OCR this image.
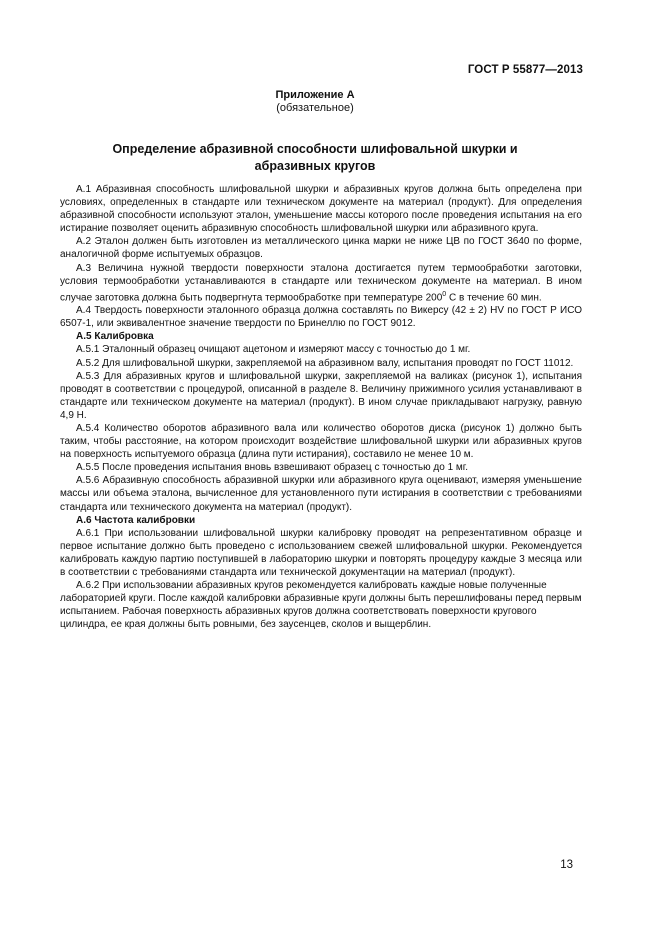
ГОСТ Р 55877—2013
Приложение А
(обязательное)
Определение абразивной способности шлифовальной шкурки и абразивных кругов

А.1 Абразивная способность шлифовальной шкурки и абразивных кругов должна быть определена при условиях, определенных в стандарте или техническом документе на материал (продукт). Для определения абразивной способности используют эталон, уменьшение массы которого после проведения испытания на его истирание позволяет оценить абразивную способность шлифовальной шкурки или абразивного круга.

А.2 Эталон должен быть изготовлен из металлического цинка марки не ниже ЦВ по ГОСТ 3640 по форме, аналогичной форме испытуемых образцов.

А.3 Величина нужной твердости поверхности эталона достигается путем термообработки заготовки, условия термообработки устанавливаются в стандарте или техническом документе на материал. В ином случае заготовка должна быть подвергнута термообработке при температуре $200^0$ С в течение 60 мин.

А.4 Твердость поверхности эталонного образца должна составлять по Викерсу (42 ± 2) HV по ГОСТ Р ИСО 6507-1, или эквивалентное значение твердости по Бринеллю по ГОСТ 9012.

А.5 Калибровка

А.5.1 Эталонный образец очищают ацетоном и измеряют массу с точностью до 1 мг.

А.5.2 Для шлифовальной шкурки, закрепляемой на абразивном валу, испытания проводят по ГОСТ 11012.

А.5.3 Для абразивных кругов и шлифовальной шкурки, закрепляемой на валиках (рисунок 1), испытания проводят в соответствии с процедурой, описанной в разделе 8. Величину прижимного усилия устанавливают в стандарте или техническом документе на материал (продукт). В ином случае прикладывают нагрузку, равную 4,9 Н.

А.5.4 Количество оборотов абразивного вала или количество оборотов диска (рисунок 1) должно быть таким, чтобы расстояние, на котором происходит воздействие шлифовальной шкурки или абразивных кругов на поверхность испытуемого образца (длина пути истирания), составило не менее 10 м.

А.5.5 После проведения испытания вновь взвешивают образец с точностью до 1 мг.

А.5.6 Абразивную способность абразивной шкурки или абразивного круга оценивают, измеряя уменьшение массы или объема эталона, вычисленное для установленного пути истирания в соответствии с требованиями стандарта или технического документа на материал (продукт).

А.6 Частота калибровки

А.6.1 При использовании шлифовальной шкурки калибровку проводят на репрезентативном образце и первое испытание должно быть проведено с использованием свежей шлифовальной шкурки. Рекомендуется калибровать каждую партию поступившей в лабораторию шкурки и повторять процедуру каждые 3 месяца или в соответствии с требованиями стандарта или технической документации на материал (продукт).

А.6.2 При использовании абразивных кругов рекомендуется калибровать каждые новые полученные лабораторией круги. После каждой калибровки абразивные круги должны быть перешлифованы перед первым испытанием. Рабочая поверхность абразивных кругов должна соответствовать поверхности кругового цилиндра, ее края должны быть ровными, без заусенцев, сколов и выщерблин.

13
